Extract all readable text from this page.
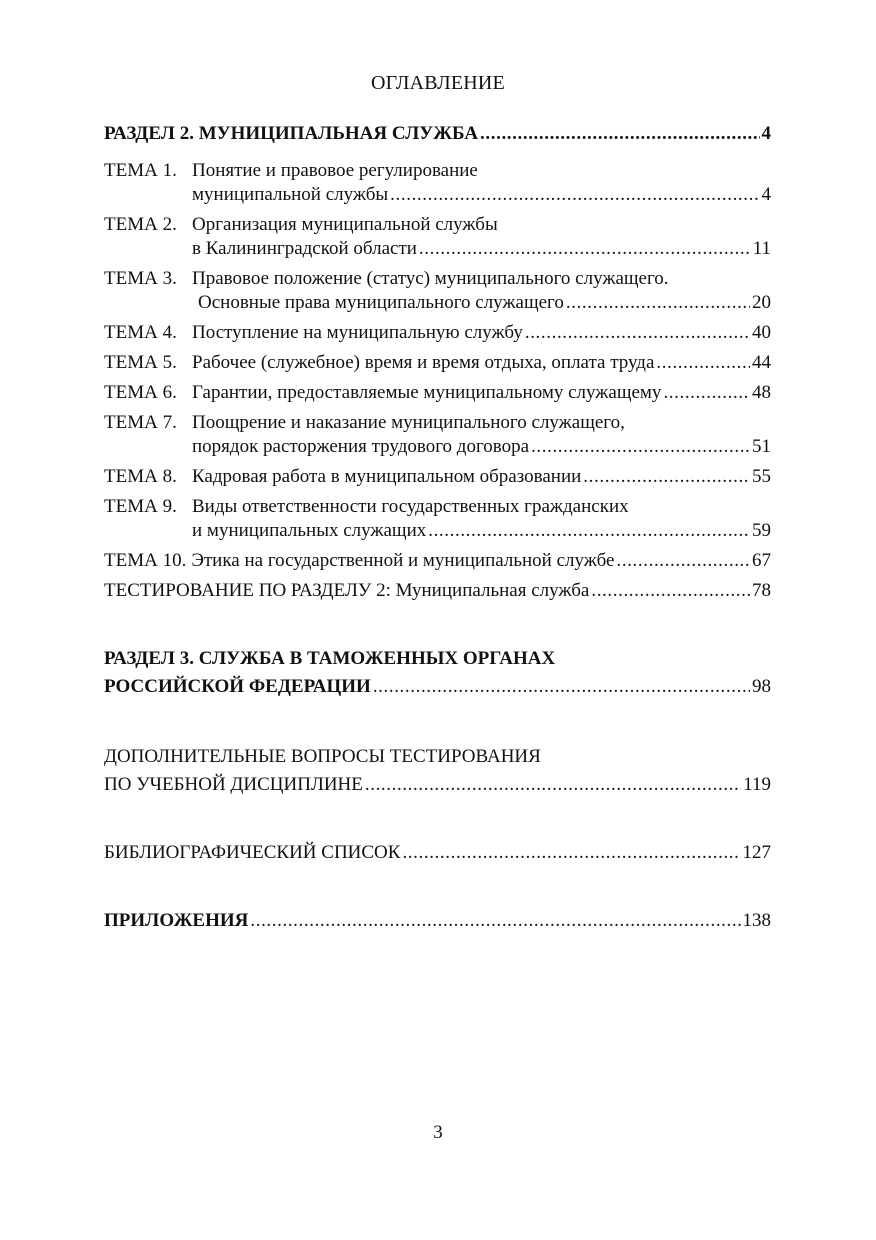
ОГЛАВЛЕНИЕ
РАЗДЕЛ 2. МУНИЦИПАЛЬНАЯ СЛУЖБА .....	4
ТЕМА 1. Понятие и правовое регулирование
муниципальной службы .....	4
ТЕМА 2. Организация муниципальной службы
в Калининградской области .....	11
ТЕМА 3. Правовое положение (статус) муниципального служащего.
Основные права муниципального служащего .....	20
ТЕМА 4. Поступление на муниципальную службу .....	40
ТЕМА 5. Рабочее (служебное) время и время отдыха, оплата труда .....	44
ТЕМА 6. Гарантии, предоставляемые муниципальному служащему .....	48
ТЕМА 7. Поощрение и наказание муниципального служащего,
порядок расторжения трудового договора .....	51
ТЕМА 8. Кадровая работа в муниципальном образовании .....	55
ТЕМА 9. Виды ответственности государственных гражданских
и муниципальных служащих .....	59
ТЕМА 10. Этика на государственной и муниципальной службе .....	67
ТЕСТИРОВАНИЕ ПО РАЗДЕЛУ 2: Муниципальная служба .....	78
РАЗДЕЛ 3. СЛУЖБА В ТАМОЖЕННЫХ ОРГАНАХ
РОССИЙСКОЙ ФЕДЕРАЦИИ .....	98
ДОПОЛНИТЕЛЬНЫЕ ВОПРОСЫ ТЕСТИРОВАНИЯ
ПО УЧЕБНОЙ ДИСЦИПЛИНЕ .....	119
БИБЛИОГРАФИЧЕСКИЙ СПИСОК .....	127
ПРИЛОЖЕНИЯ .....	138
3
